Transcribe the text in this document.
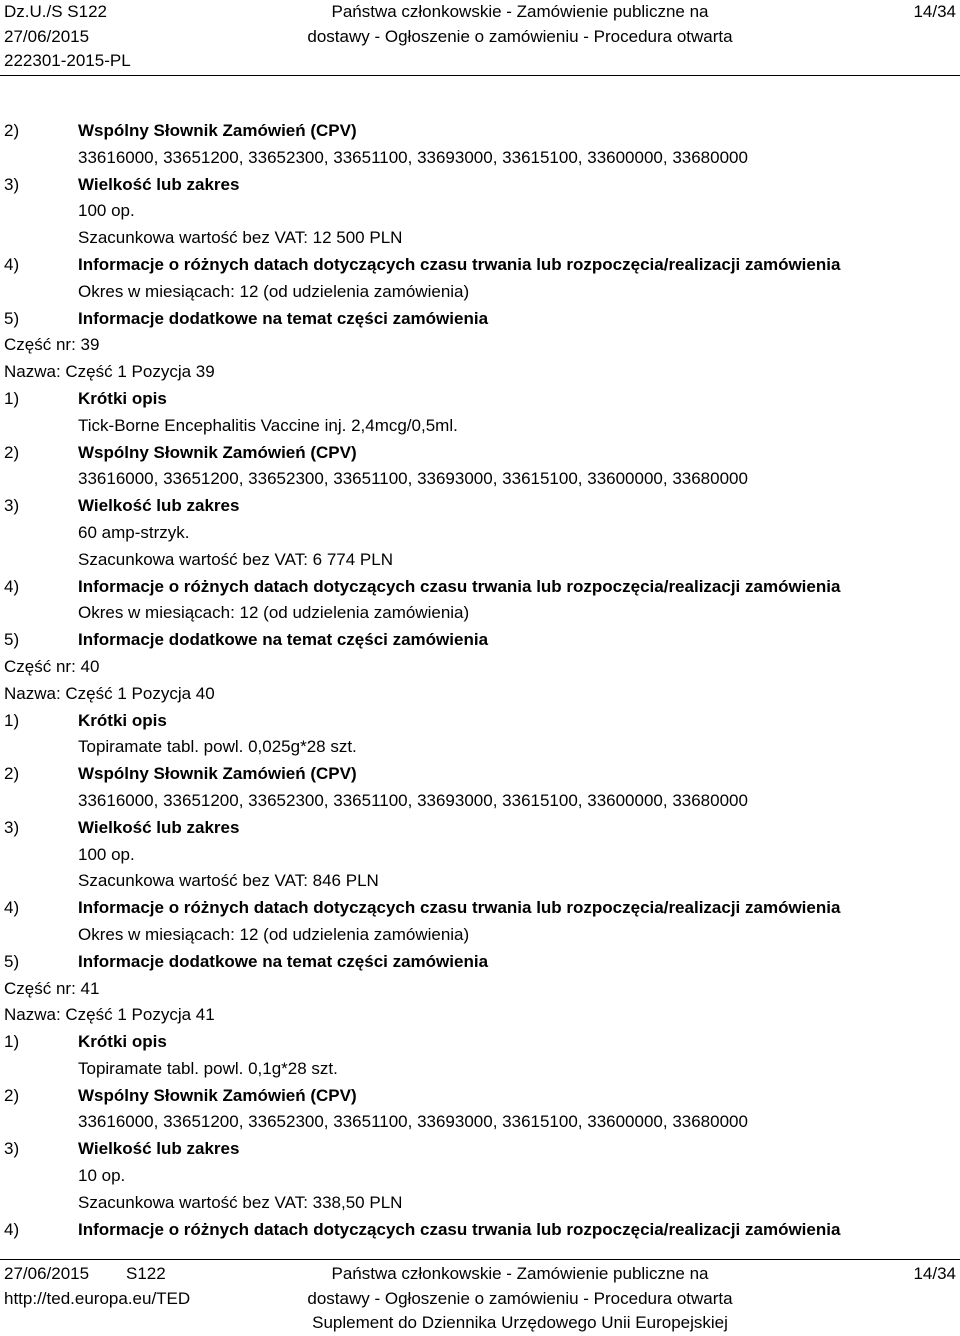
Dz.U./S S122
27/06/2015
222301-2015-PL
Państwa członkowskie - Zamówienie publiczne na
dostawy - Ogłoszenie o zamówieniu - Procedura otwarta
14/34
2)	Wspólny Słownik Zamówień (CPV)
33616000, 33651200, 33652300, 33651100, 33693000, 33615100, 33600000, 33680000
3)	Wielkość lub zakres
100 op.
Szacunkowa wartość bez VAT: 12 500 PLN
4)	Informacje o różnych datach dotyczących czasu trwania lub rozpoczęcia/realizacji zamówienia
Okres w miesiącach: 12 (od udzielenia zamówienia)
5)	Informacje dodatkowe na temat części zamówienia
Część nr: 39
Nazwa: Część 1 Pozycja 39
1)	Krótki opis
Tick-Borne Encephalitis Vaccine inj. 2,4mcg/0,5ml.
2)	Wspólny Słownik Zamówień (CPV)
33616000, 33651200, 33652300, 33651100, 33693000, 33615100, 33600000, 33680000
3)	Wielkość lub zakres
60 amp-strzyk.
Szacunkowa wartość bez VAT: 6 774 PLN
4)	Informacje o różnych datach dotyczących czasu trwania lub rozpoczęcia/realizacji zamówienia
Okres w miesiącach: 12 (od udzielenia zamówienia)
5)	Informacje dodatkowe na temat części zamówienia
Część nr: 40
Nazwa: Część 1 Pozycja 40
1)	Krótki opis
Topiramate tabl. powl. 0,025g*28 szt.
2)	Wspólny Słownik Zamówień (CPV)
33616000, 33651200, 33652300, 33651100, 33693000, 33615100, 33600000, 33680000
3)	Wielkość lub zakres
100 op.
Szacunkowa wartość bez VAT: 846 PLN
4)	Informacje o różnych datach dotyczących czasu trwania lub rozpoczęcia/realizacji zamówienia
Okres w miesiącach: 12 (od udzielenia zamówienia)
5)	Informacje dodatkowe na temat części zamówienia
Część nr: 41
Nazwa: Część 1 Pozycja 41
1)	Krótki opis
Topiramate tabl. powl. 0,1g*28 szt.
2)	Wspólny Słownik Zamówień (CPV)
33616000, 33651200, 33652300, 33651100, 33693000, 33615100, 33600000, 33680000
3)	Wielkość lub zakres
10 op.
Szacunkowa wartość bez VAT: 338,50 PLN
4)	Informacje o różnych datach dotyczących czasu trwania lub rozpoczęcia/realizacji zamówienia
27/06/2015 S122
http://ted.europa.eu/TED
Państwa członkowskie - Zamówienie publiczne na
dostawy - Ogłoszenie o zamówieniu - Procedura otwarta
Suplement do Dziennika Urzędowego Unii Europejskiej
14/34
